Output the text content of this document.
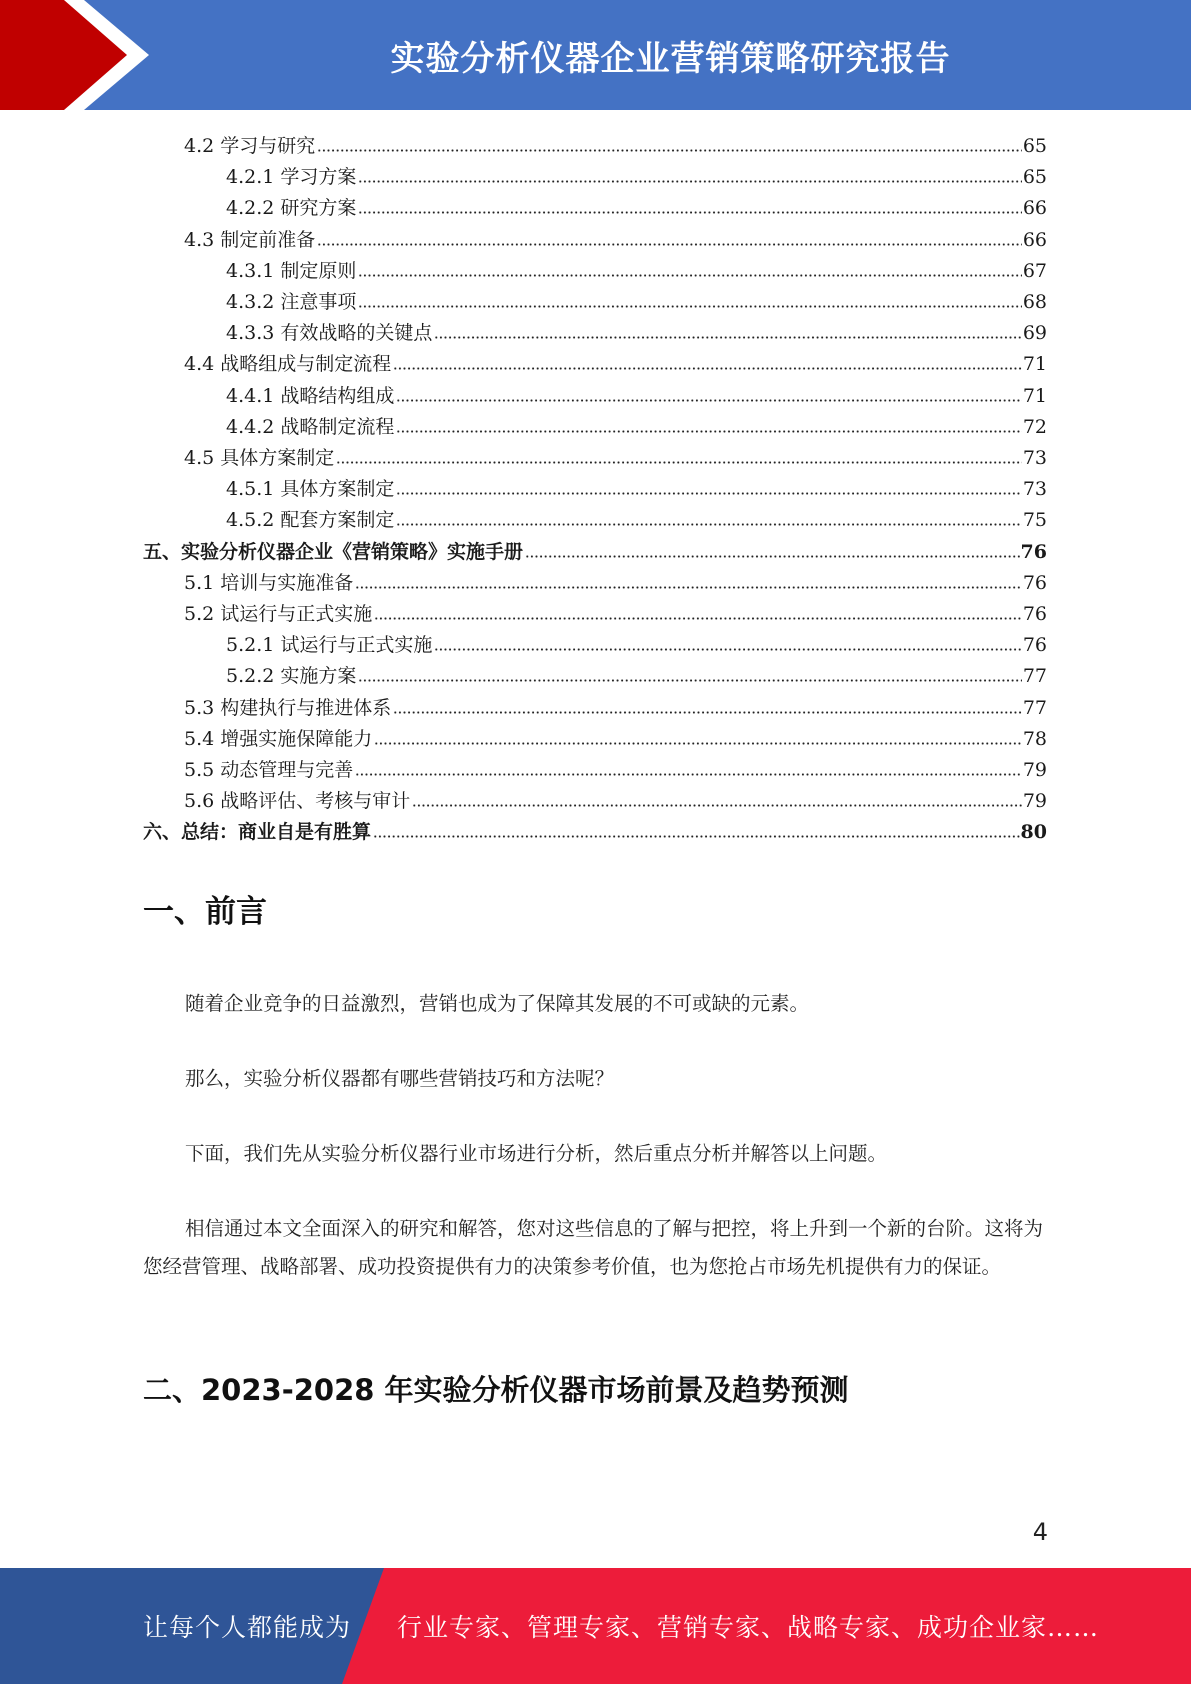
实验分析仪器企业营销策略研究报告
4.2 学习与研究	65
4.2.1 学习方案	65
4.2.2 研究方案	66
4.3 制定前准备	66
4.3.1 制定原则	67
4.3.2 注意事项	68
4.3.3 有效战略的关键点	69
4.4 战略组成与制定流程	71
4.4.1 战略结构组成	71
4.4.2 战略制定流程	72
4.5 具体方案制定	73
4.5.1 具体方案制定	73
4.5.2 配套方案制定	75
五、实验分析仪器企业《营销策略》实施手册	76
5.1 培训与实施准备	76
5.2 试运行与正式实施	76
5.2.1 试运行与正式实施	76
5.2.2 实施方案	77
5.3 构建执行与推进体系	77
5.4 增强实施保障能力	78
5.5 动态管理与完善	79
5.6 战略评估、考核与审计	79
六、总结：商业自是有胜算	80
一、前言

随着企业竞争的日益激烈，营销也成为了保障其发展的不可或缺的元素。

那么，实验分析仪器都有哪些营销技巧和方法呢？

下面，我们先从实验分析仪器行业市场进行分析，然后重点分析并解答以上问题。

相信通过本文全面深入的研究和解答，您对这些信息的了解与把控，将上升到一个新的台阶。这将为您经营管理、战略部署、成功投资提供有力的决策参考价值，也为您抢占市场先机提供有力的保证。

二、2023-2028 年实验分析仪器市场前景及趋势预测
4
让每个人都能成为 行业专家、管理专家、营销专家、战略专家、成功企业家……
